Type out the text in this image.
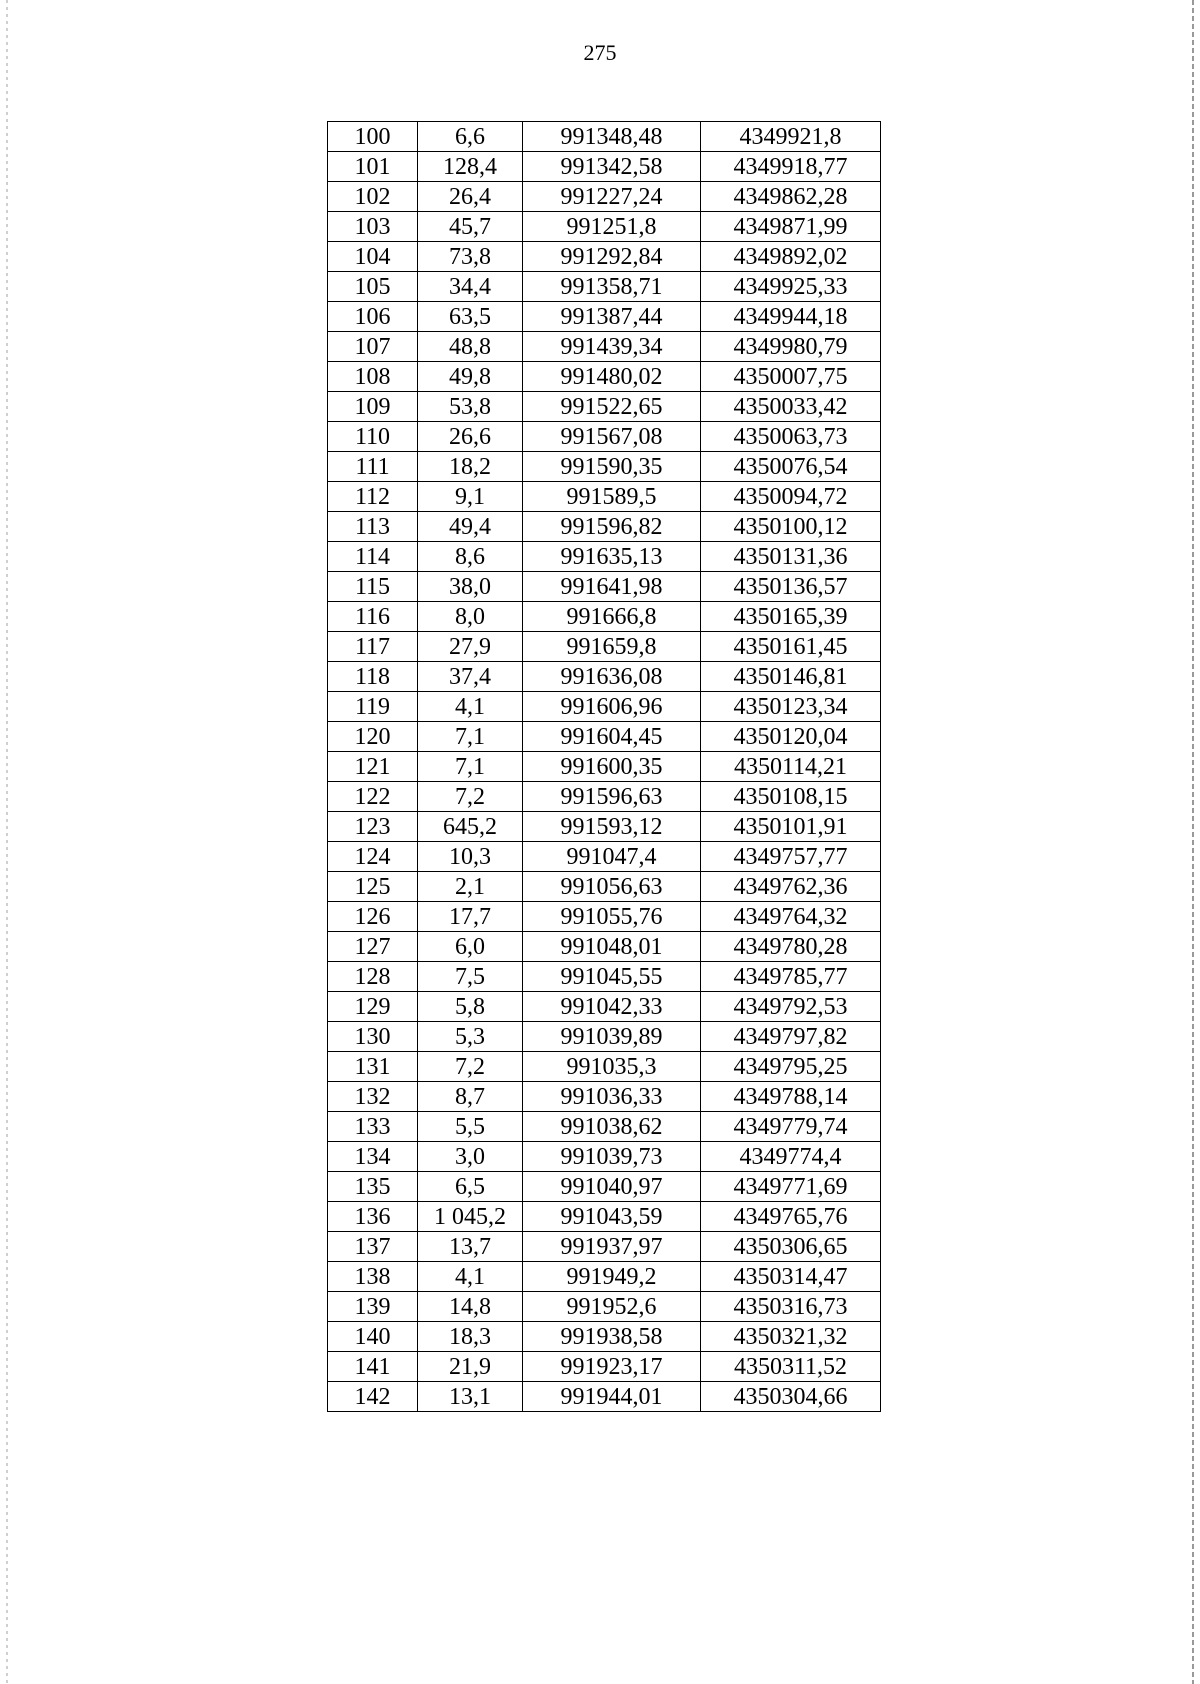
275
100	6,6	991348,48	4349921,8
101	128,4	991342,58	4349918,77
102	26,4	991227,24	4349862,28
103	45,7	991251,8	4349871,99
104	73,8	991292,84	4349892,02
105	34,4	991358,71	4349925,33
106	63,5	991387,44	4349944,18
107	48,8	991439,34	4349980,79
108	49,8	991480,02	4350007,75
109	53,8	991522,65	4350033,42
110	26,6	991567,08	4350063,73
111	18,2	991590,35	4350076,54
112	9,1	991589,5	4350094,72
113	49,4	991596,82	4350100,12
114	8,6	991635,13	4350131,36
115	38,0	991641,98	4350136,57
116	8,0	991666,8	4350165,39
117	27,9	991659,8	4350161,45
118	37,4	991636,08	4350146,81
119	4,1	991606,96	4350123,34
120	7,1	991604,45	4350120,04
121	7,1	991600,35	4350114,21
122	7,2	991596,63	4350108,15
123	645,2	991593,12	4350101,91
124	10,3	991047,4	4349757,77
125	2,1	991056,63	4349762,36
126	17,7	991055,76	4349764,32
127	6,0	991048,01	4349780,28
128	7,5	991045,55	4349785,77
129	5,8	991042,33	4349792,53
130	5,3	991039,89	4349797,82
131	7,2	991035,3	4349795,25
132	8,7	991036,33	4349788,14
133	5,5	991038,62	4349779,74
134	3,0	991039,73	4349774,4
135	6,5	991040,97	4349771,69
136	1 045,2	991043,59	4349765,76
137	13,7	991937,97	4350306,65
138	4,1	991949,2	4350314,47
139	14,8	991952,6	4350316,73
140	18,3	991938,58	4350321,32
141	21,9	991923,17	4350311,52
142	13,1	991944,01	4350304,66
